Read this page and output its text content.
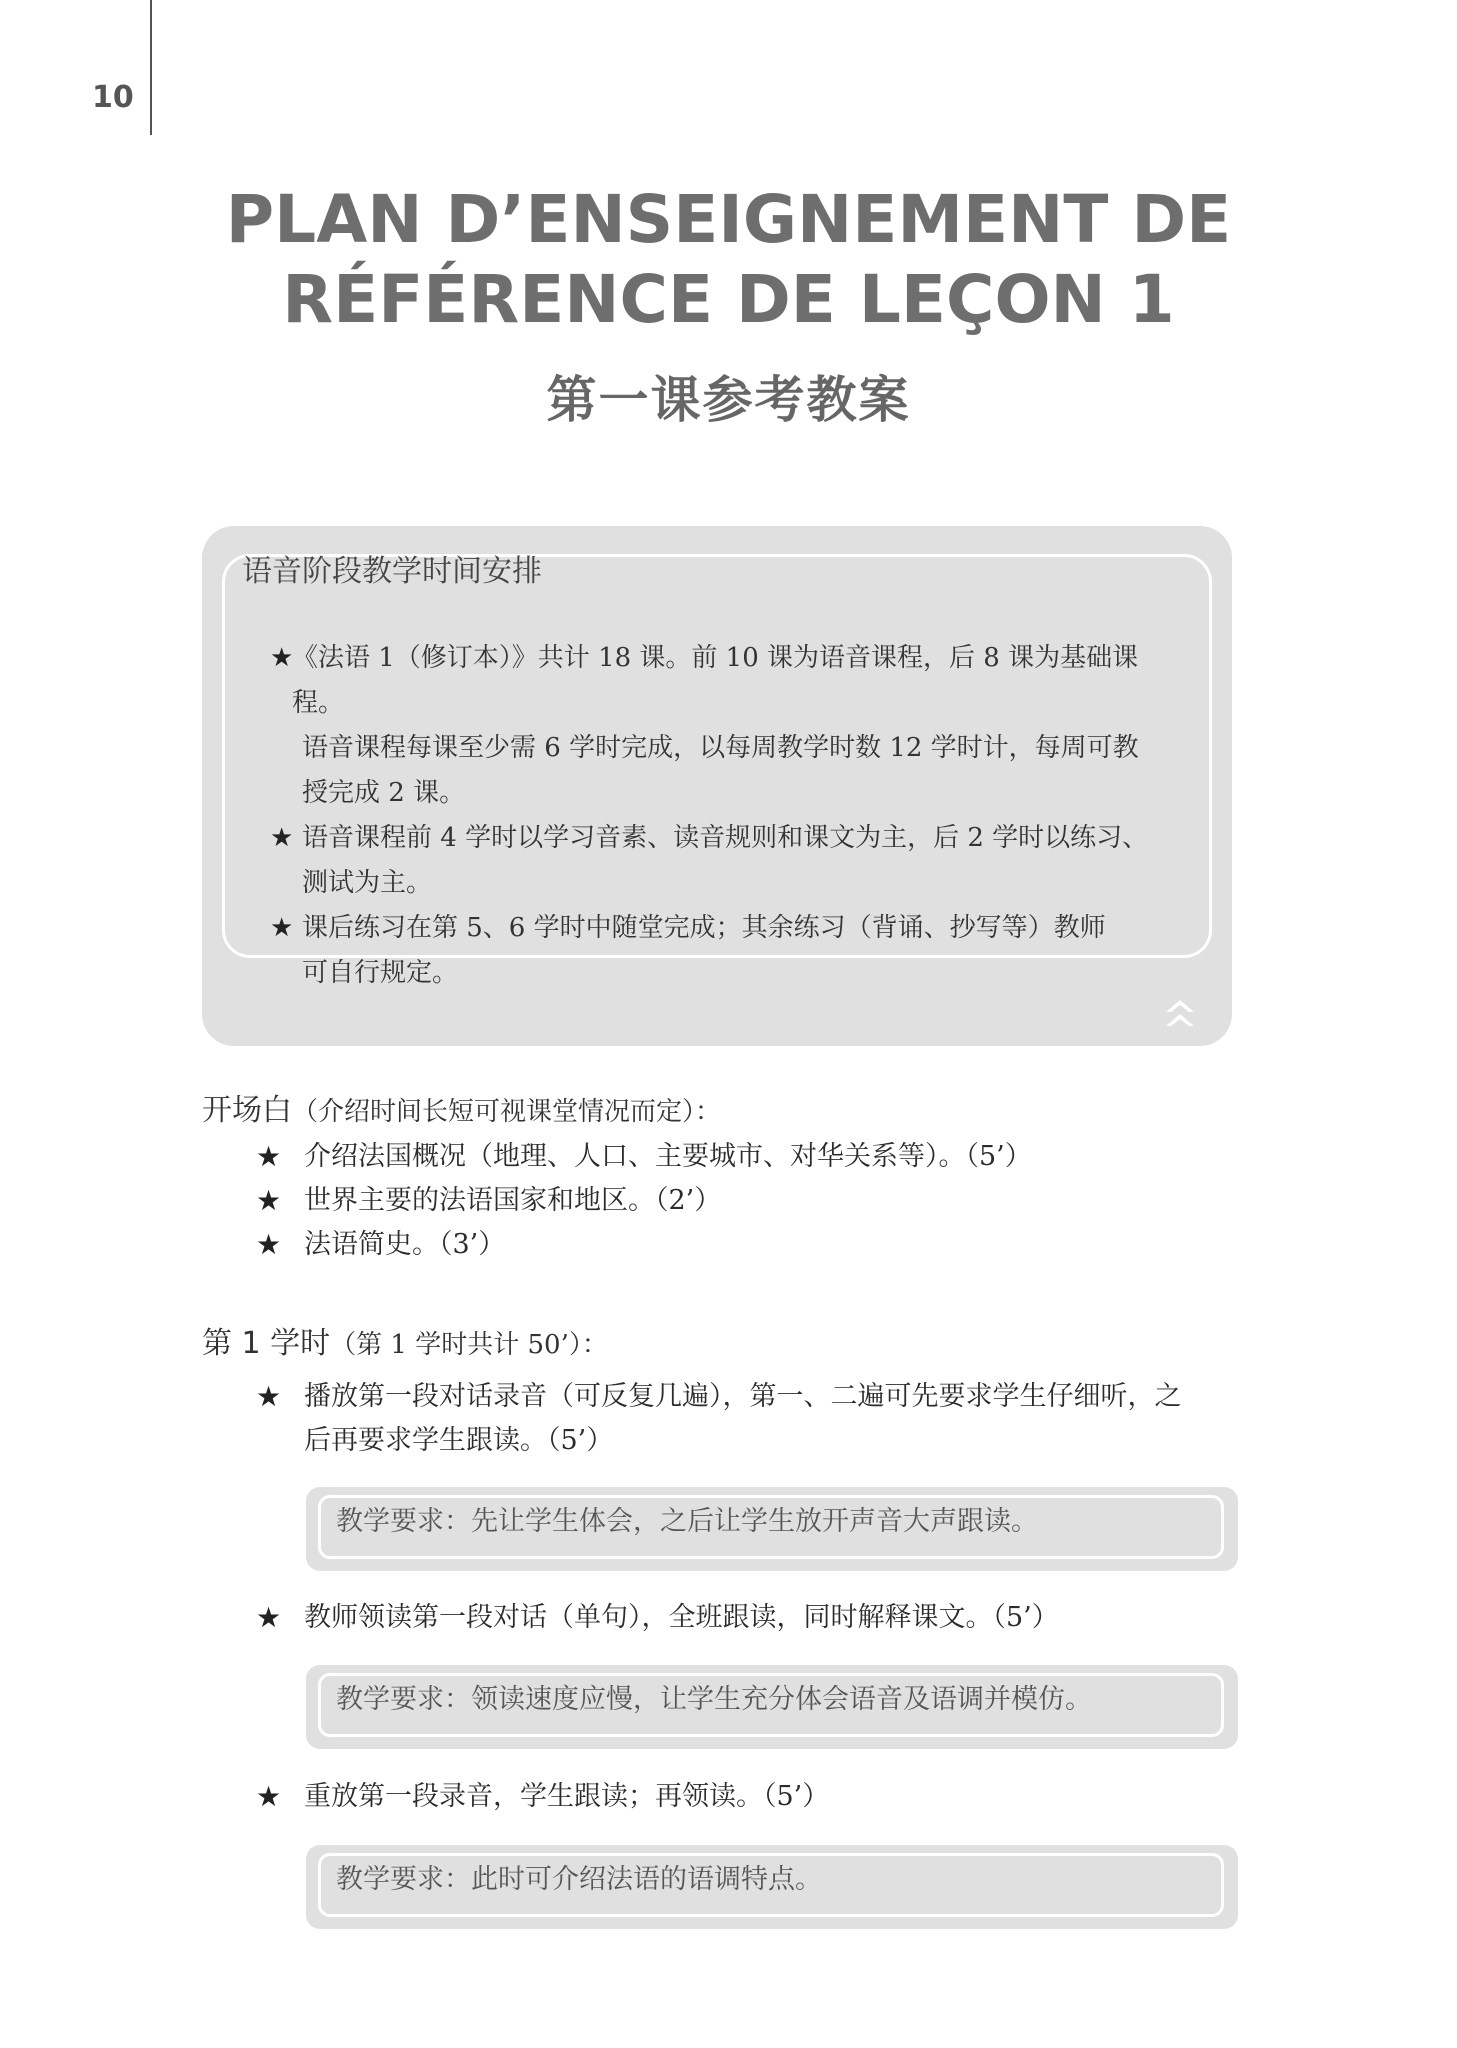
10
PLAN D’ENSEIGNEMENT DE
RÉFÉRENCE DE LEÇON 1
第一课参考教案
语音阶段教学时间安排
★
《法语 1（修订本）》共计 18 课。前 10 课为语音课程，后 8 课为基础课程。
语音课程每课至少需 6 学时完成，以每周教学时数 12 学时计，每周可教
授完成 2 课。
★ 语音课程前 4 学时以学习音素、读音规则和课文为主，后 2 学时以练习、
测试为主。
★ 课后练习在第 5、6 学时中随堂完成；其余练习（背诵、抄写等）教师
可自行规定。
开场白（介绍时间长短可视课堂情况而定）：
★ 介绍法国概况（地理、人口、主要城市、对华关系等）。（5’）
★ 世界主要的法语国家和地区。（2’）
★ 法语简史。（3’）
第 1 学时（第 1 学时共计 50’）：
★ 播放第一段对话录音（可反复几遍），第一、二遍可先要求学生仔细听，之
后再要求学生跟读。（5’）
教学要求：先让学生体会，之后让学生放开声音大声跟读。
★ 教师领读第一段对话（单句），全班跟读，同时解释课文。（5’）
教学要求：领读速度应慢，让学生充分体会语音及语调并模仿。
★ 重放第一段录音，学生跟读；再领读。（5’）
教学要求：此时可介绍法语的语调特点。
